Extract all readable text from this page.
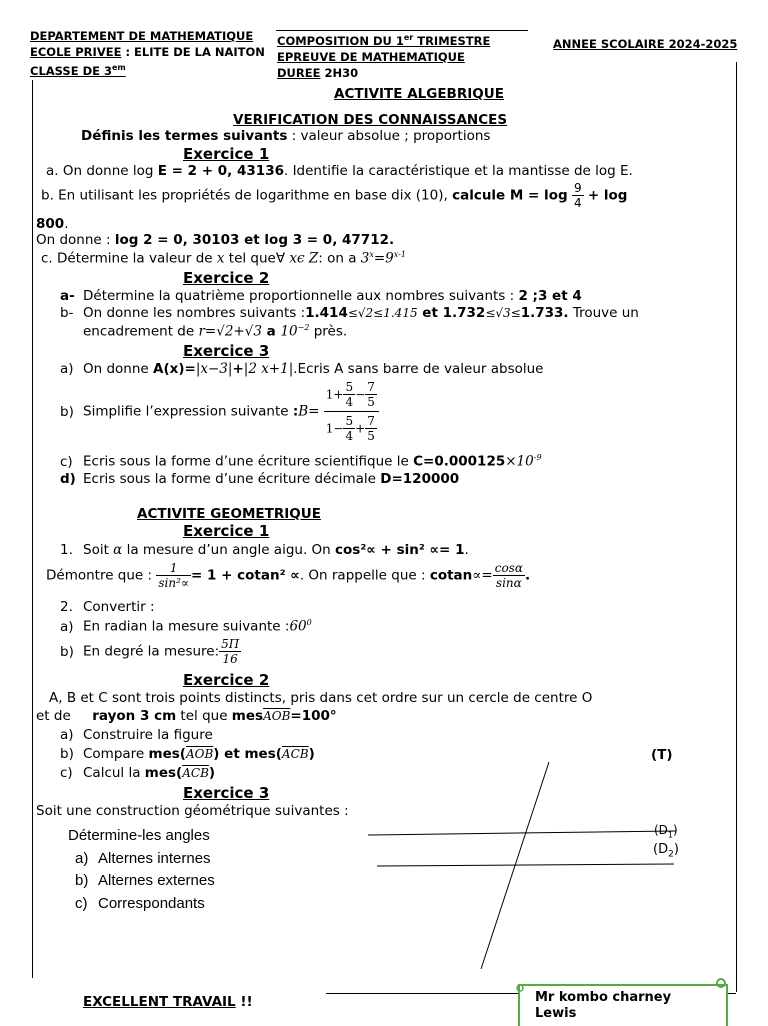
DEPARTEMENT DE MATHEMATIQUE
ECOLE PRIVEE : ELITE DE LA NAITON
CLASSE DE $3^{em}$
COMPOSITION DU 1er TRIMESTRE
EPREUVE DE MATHEMATIQUE
DUREE 2H30
ANNEE SCOLAIRE 2024-2025
ACTIVITE ALGEBRIQUE
VERIFICATION DES CONNAISSANCES
Définis les termes suivants : valeur absolue ; proportions
Exercice 1
a. On donne log E = 2 + 0, 43136. Identifie la caractéristique et la mantisse de log E.
b. En utilisant les propriétés de logarithme en base dix (10), calcule $M = \log \frac{9}{4} + \log$
800.
On donne : log 2 = 0, 30103 et log 3 = 0, 47712.
c. Détermine la valeur de x tel que∀ xϵ Z: on a $3^x=9^{x-1}$
Exercice 2
a- Détermine la quatrième proportionnelle aux nombres suivants : 2 ;3 et 4
b- On donne les nombres suivants :1.414≤√2≤1.415 et 1.732≤√3≤1.733. Trouve un
encadrement de r=√2+√3 a $10^{-2}$ près.
Exercice 3
a) On donne A(x)=|x−3|+|2 x+1|.Ecris A sans barre de valeur absolue
b) Simplifie l’expression suivante :B= $\frac{1+ \frac{5}{4} - \frac{7}{5}}{1- \frac{5}{4} + \frac{7}{5}}$
c) Ecris sous la forme d’une écriture scientifique le $C=0.000125\times 10^{-9}$
d) Ecris sous la forme d’une écriture décimale D=120000
ACTIVITE GEOMETRIQUE
Exercice 1
1. Soit α la mesure d’un angle aigu. On cos²∝ + sin² ∝= 1.
Démontre que : $\frac{1}{\text{sin²∝}} = 1 + cotan^2$ ∝. On rappelle que : $cotan\propto= \frac{\cos\alpha}{\sin\alpha}$ .
2. Convertir :
a) En radian la mesure suivante $:60^0$
b) En degré la mesure: $\frac{5\Pi}{16}$
Exercice 2
A, B et C sont trois points distincts, pris dans cet ordre sur un cercle de centre O
et de     rayon 3 cm tel que $mes\overline{AOB}=100^\circ$
a) Construire la figure
b) Compare $mes(\overline{AOB})$ et $mes(\overline{ACB})$
c) Calcul la $mes(\overline{ACB})$
Exercice 3
Soit une construction géométrique suivantes :
Détermine-les angles
a) Alternes internes
b) Alternes externes
c) Correspondants
(T)
$(D_1)$
$(D_2)$
EXCELLENT TRAVAIL !!	Mr kombo charney
Lewis
